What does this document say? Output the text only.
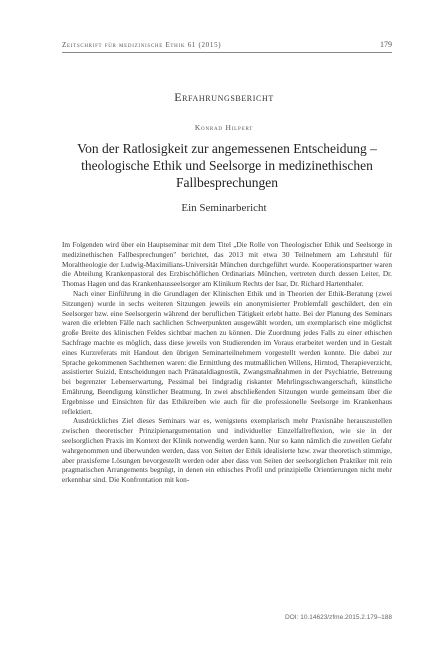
Zeitschrift für medizinische Ethik 61 (2015)	179
Erfahrungsbericht
Konrad Hilpert
Von der Ratlosigkeit zur angemessenen Entscheidung – theologische Ethik und Seelsorge in medizinethischen Fallbesprechungen
Ein Seminarbericht

Im Folgenden wird über ein Hauptseminar mit dem Titel „Die Rolle von Theologischer Ethik und Seelsorge in medizinethischen Fallbesprechungen" berichtet, das 2013 mit etwa 30 Teilnehmern am Lehrstuhl für Moraltheologie der Ludwig-Maximilians-Universität München durchgeführt wurde. Kooperationspartner waren die Abteilung Krankenpastoral des Erzbischöflichen Ordinariats München, vertreten durch dessen Leiter, Dr. Thomas Hagen und das Krankenhausseelsorger am Klinikum Rechts der Isar, Dr. Richard Hartenthaler.

Nach einer Einführung in die Grundlagen der Klinischen Ethik und in Theorien der Ethik-Beratung (zwei Sitzungen) wurde in sechs weiteren Sitzungen jeweils ein anonymisierter Problemfall geschildert, den ein Seelsorger bzw. eine Seelsorgerin während der beruflichen Tätigkeit erlebt hatte. Bei der Planung des Seminars waren die erlebten Fälle nach sachlichen Schwerpunkten ausgewählt worden, um exemplarisch eine möglichst große Breite des klinischen Feldes sichtbar machen zu können. Die Zuordnung jedes Falls zu einer ethischen Sachfrage machte es möglich, dass diese jeweils von Studierenden im Voraus erarbeitet werden und in Gestalt eines Kurzreferats mit Handout den übrigen Seminarteilnehmern vorgestellt werden konnte. Die dabei zur Sprache gekommenen Sachthemen waren: die Ermittlung des mutmaßlichen Willens, Hirntod, Therapieverzicht, assistierter Suizid, Entscheidungen nach Pränataldiagnostik, Zwangsmaßnahmen in der Psychiatrie, Betreuung bei begrenzter Lebenserwartung, Pessimal bei lindgradig riskanter Mehrlingsschwangerschaft, künstliche Ernährung, Beendigung künstlicher Beatmung. In zwei abschließenden Sitzungen wurde gemeinsam über die Ergebnisse und Einsichten für das Ethikreiben wie auch für die professionelle Seelsorge im Krankenhaus reflektiert.

Ausdrückliches Ziel dieses Seminars war es, wenigstens exemplarisch mehr Praxisnähe herauszustellen zwischen theoretischer Prinzipienargumentation und individueller Einzelfallreflexion, wie sie in der seelsorglichen Praxis im Kontext der Klinik notwendig werden kann. Nur so kann nämlich die zuweilen Gefahr wahrgenommen und überwunden werden, dass von Seiten der Ethik idealisierte bzw. zwar theoretisch stimmige, aber praxisferne Lösungen bevorgestellt werden oder aber dass von Seiten der seelsorglichen Praktiker mit rein pragmatischen Arrangements begnügt, in denen ein ethisches Profil und prinzipielle Orientierungen nicht mehr erkennbar sind. Die Konfrontation mit kon-

DOI: 10.14623/zfme.2015.2.179–188
